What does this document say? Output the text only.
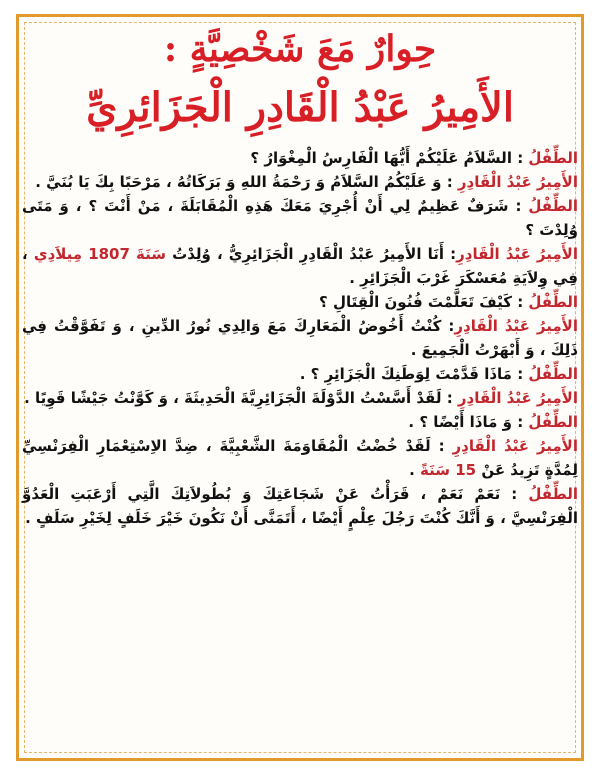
حِوارٌ مَعَ شَخْصِيَّةٍ :
الأَمِيرُ عَبْدُ الْقَادِرِ الْجَزَائِرِيِّ

الطِّفْلُ : السَّلاَمُ عَلَيْكُمْ أَيُّهَا الْفَارِسُ الْمِغْوَارُ ؟

الأَمِيرُ عَبْدُ الْقَادِرِ : وَ عَلَيْكُمُ السَّلاَمُ وَ رَحْمَةُ اللهِ وَ بَرَكَاتُهُ ، مَرْحَبًا بِكَ يَا بُنَيَّ .

الطِّفْلُ : شَرَفٌ عَظِيمٌ لِي أَنْ أُجْرِيَ مَعَكَ هَذِهِ الْمُقَابَلَةَ ، مَنْ أَنْتَ ؟ ، وَ مَتَى وُلِدْتَ ؟

الأَمِيرُ عَبْدُ الْقَادِرِ: أَنَا الأَمِيرُ عَبْدُ الْقَادِرِ الْجَزَائِرِيُّ ، وُلِدْتُ سَنَةَ 1807 مِيلاَدِي ، فِي وِلاَيَةِ مُعَسْكَرَ غَرْبَ الْجَزَائِرِ .

الطِّفْلُ : كَيْفَ تَعَلَّمْتَ فُنُونَ الْقِتَالِ ؟

الأَمِيرُ عَبْدُ الْقَادِرِ: كُنْتُ أَخُوضُ الْمَعَارِكَ مَعَ وَالِدِي نُورُ الدِّينِ ، وَ تَفَوَّقْتُ فِي ذَلِكَ ، وَ أَبْهَرْتُ الْجَمِيعَ .

الطِّفْلُ : مَاذَا قَدَّمْتَ لِوَطَنِكَ الْجَزَائِرِ ؟ .

الأَمِيرُ عَبْدُ الْقَادِرِ : لَقَدْ أَسَّسْتُ الدَّوْلَةَ الْجَزَائِرِيَّةَ الْحَدِيثَةَ ، وَ كَوَّنْتُ جَيْشًا قَوِيًا .

الطِّفْلُ : وَ مَاذَا أَيْضًا ؟ .

الأَمِيرُ عَبْدُ الْقَادِرِ : لَقَدْ خُضْتُ الْمُقَاوَمَةَ الشَّعْبِيَّةَ ، ضِدَّ الاِسْتِعْمَارِ الْفِرَنْسِيِّ لِمُدَّةٍ تَزِيدُ عَنْ 15 سَنَةً .

الطِّفْلُ : نَعَمْ نَعَمْ ، قَرَأْتُ عَنْ شَجَاعَتِكَ وَ بُطُولاَتِكَ الَّتِي أَرْعَبَتِ الْعَدُوَّ الْفِرَنْسِيَّ ، وَ أَنَّكَ كُنْتَ رَجُلَ عِلْمٍ أَيْضًا ، أَتَمَنَّى أَنْ نَكُونَ خَيْرَ خَلَفٍ لِخَيْرِ سَلَفٍ .
